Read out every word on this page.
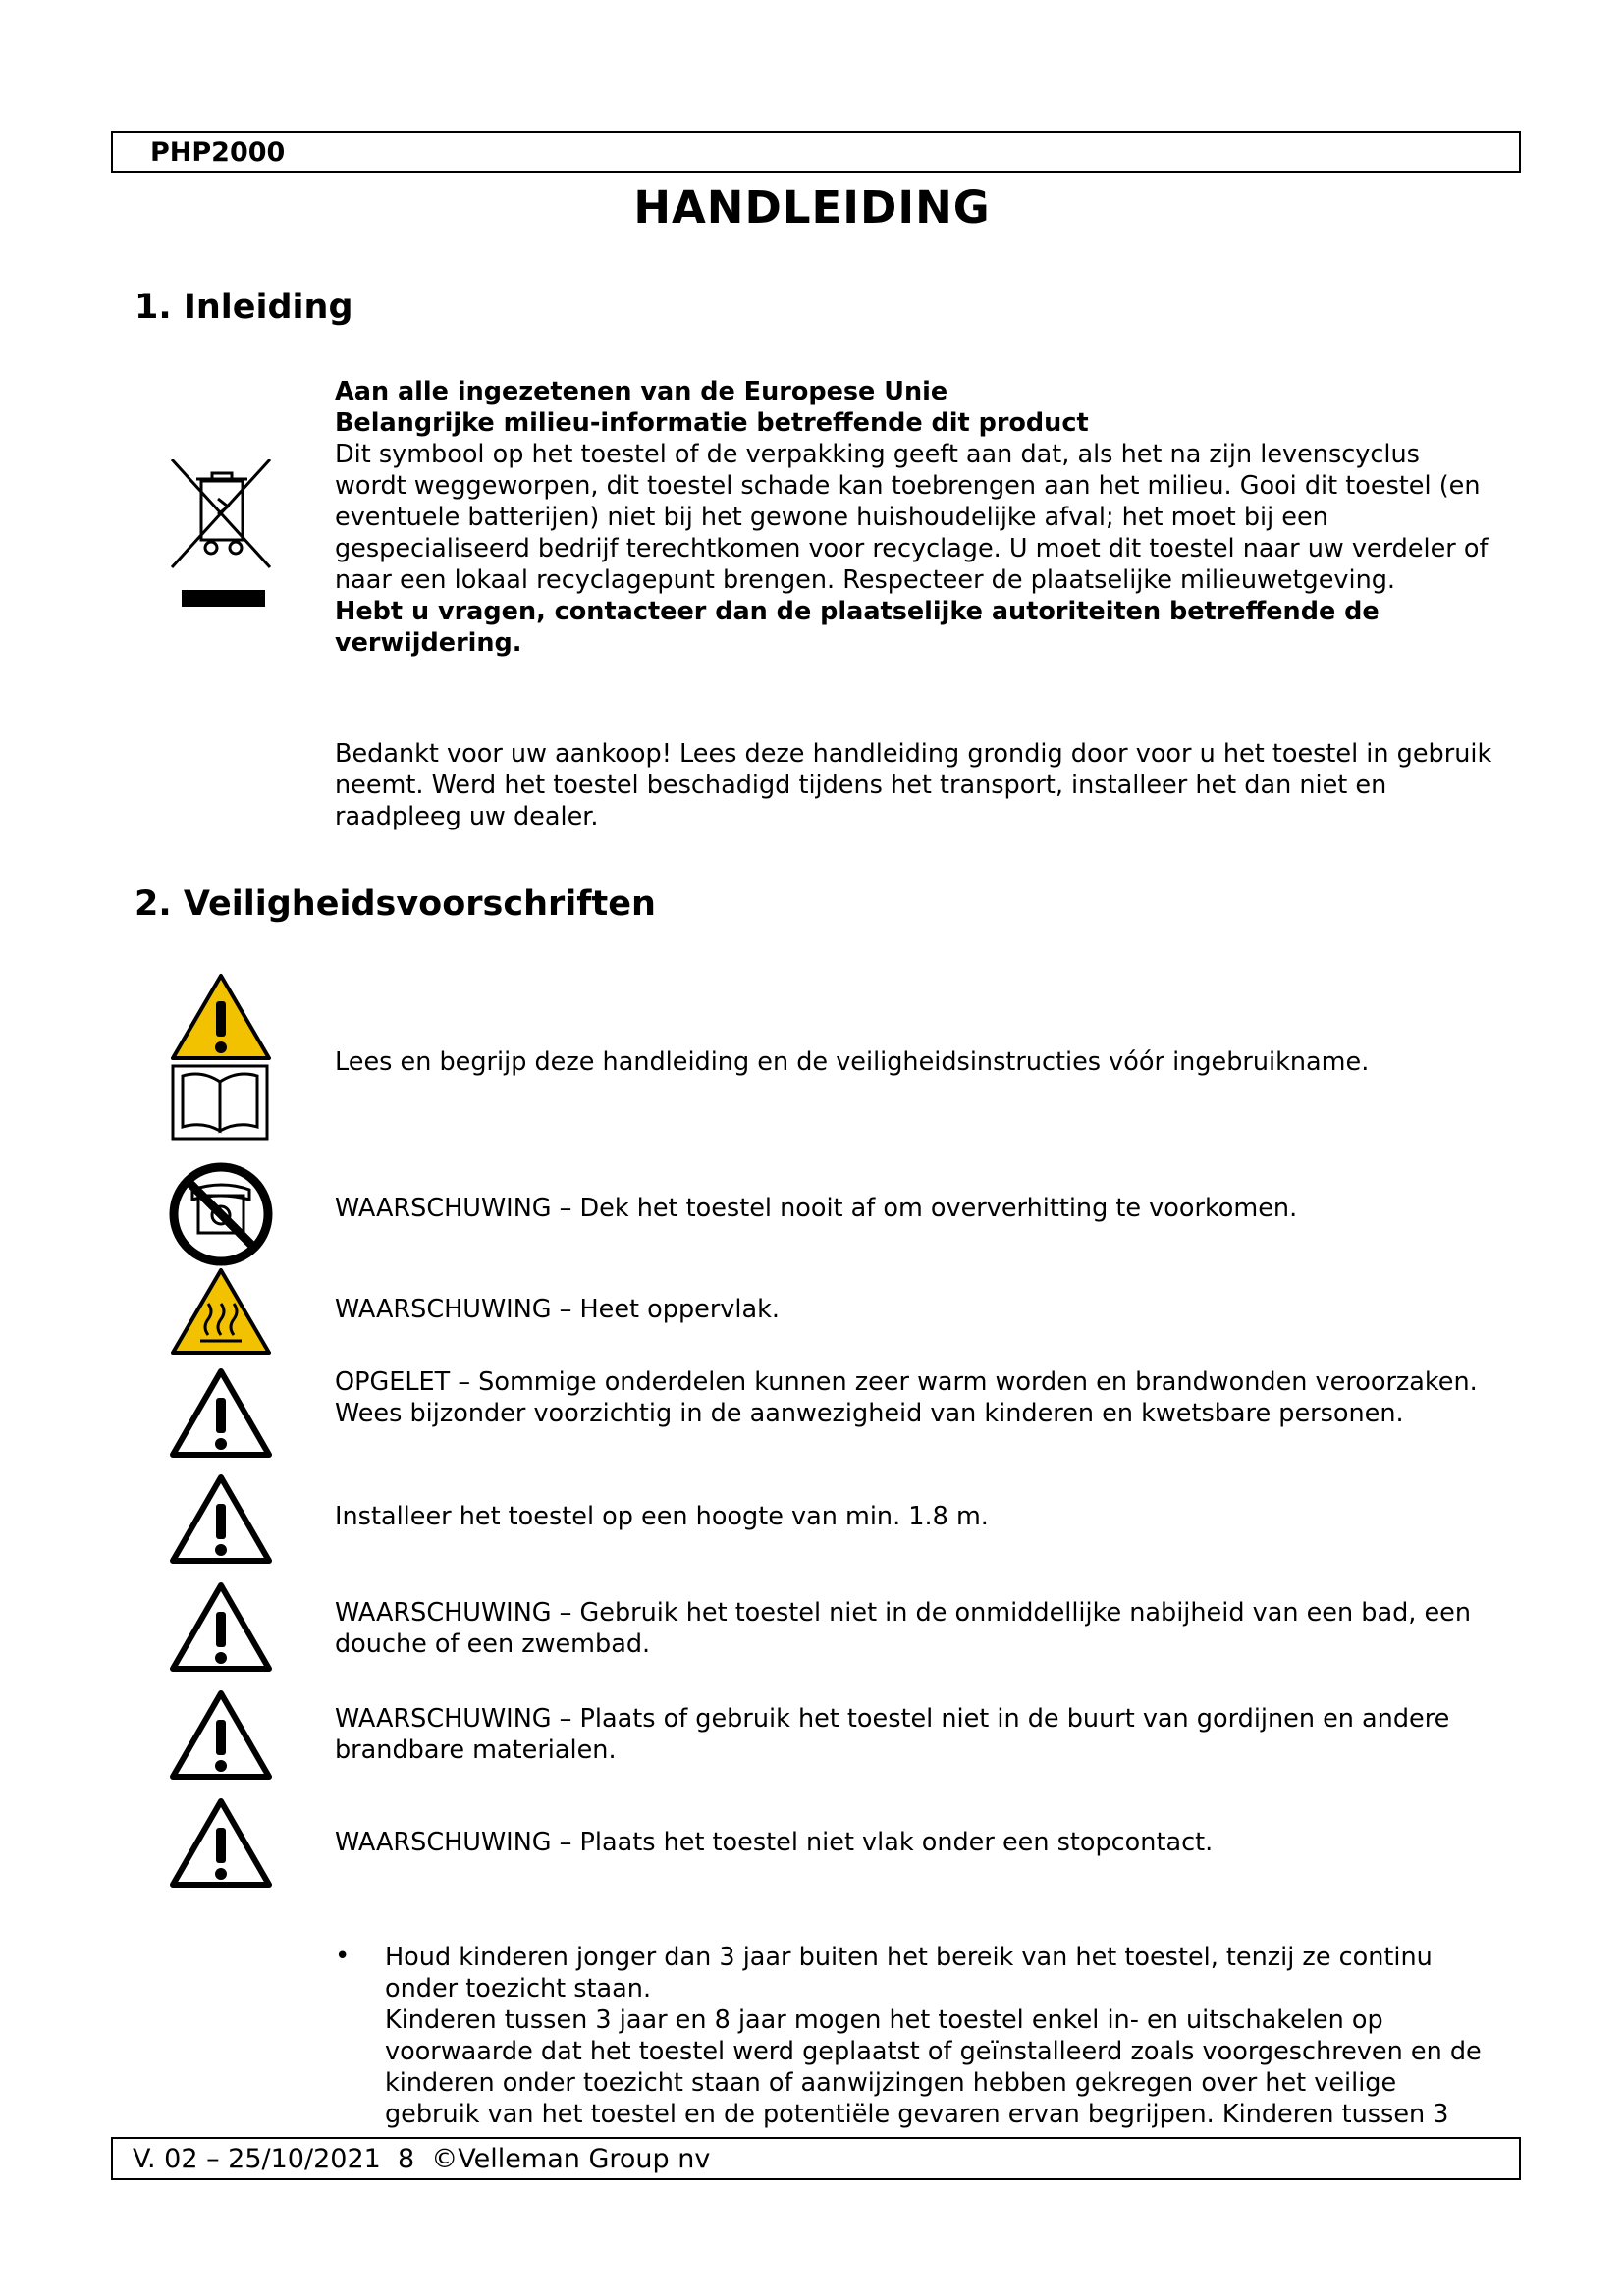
PHP2000
HANDLEIDING
1. Inleiding

Aan alle ingezetenen van de Europese Unie

Belangrijke milieu-informatie betreffende dit product

Dit symbool op het toestel of de verpakking geeft aan dat, als het na zijn levenscyclus wordt weggeworpen, dit toestel schade kan toebrengen aan het milieu. Gooi dit toestel (en eventuele batterijen) niet bij het gewone huishoudelijke afval; het moet bij een gespecialiseerd bedrijf terechtkomen voor recyclage. U moet dit toestel naar uw verdeler of naar een lokaal recyclagepunt brengen. Respecteer de plaatselijke milieuwetgeving.

Hebt u vragen, contacteer dan de plaatselijke autoriteiten betreffende de verwijdering.

Bedankt voor uw aankoop! Lees deze handleiding grondig door voor u het toestel in gebruik neemt. Werd het toestel beschadigd tijdens het transport, installeer het dan niet en raadpleeg uw dealer.
2. Veiligheidsvoorschriften
Lees en begrijp deze handleiding en de veiligheidsinstructies vóór ingebruikname.
WAARSCHUWING – Dek het toestel nooit af om oververhitting te voorkomen.
WAARSCHUWING – Heet oppervlak.
OPGELET – Sommige onderdelen kunnen zeer warm worden en brandwonden veroorzaken. Wees bijzonder voorzichtig in de aanwezigheid van kinderen en kwetsbare personen.
Installeer het toestel op een hoogte van min. 1.8 m.
WAARSCHUWING – Gebruik het toestel niet in de onmiddellijke nabijheid van een bad, een douche of een zwembad.
WAARSCHUWING – Plaats of gebruik het toestel niet in de buurt van gordijnen en andere brandbare materialen.
WAARSCHUWING – Plaats het toestel niet vlak onder een stopcontact.
• Houd kinderen jonger dan 3 jaar buiten het bereik van het toestel, tenzij ze continu onder toezicht staan.

Kinderen tussen 3 jaar en 8 jaar mogen het toestel enkel in- en uitschakelen op voorwaarde dat het toestel werd geplaatst of geïnstalleerd zoals voorgeschreven en de kinderen onder toezicht staan of aanwijzingen hebben gekregen over het veilige gebruik van het toestel en de potentiële gevaren ervan begrijpen. Kinderen tussen 3

V. 02 – 25/10/2021  8  ©Velleman Group nv
